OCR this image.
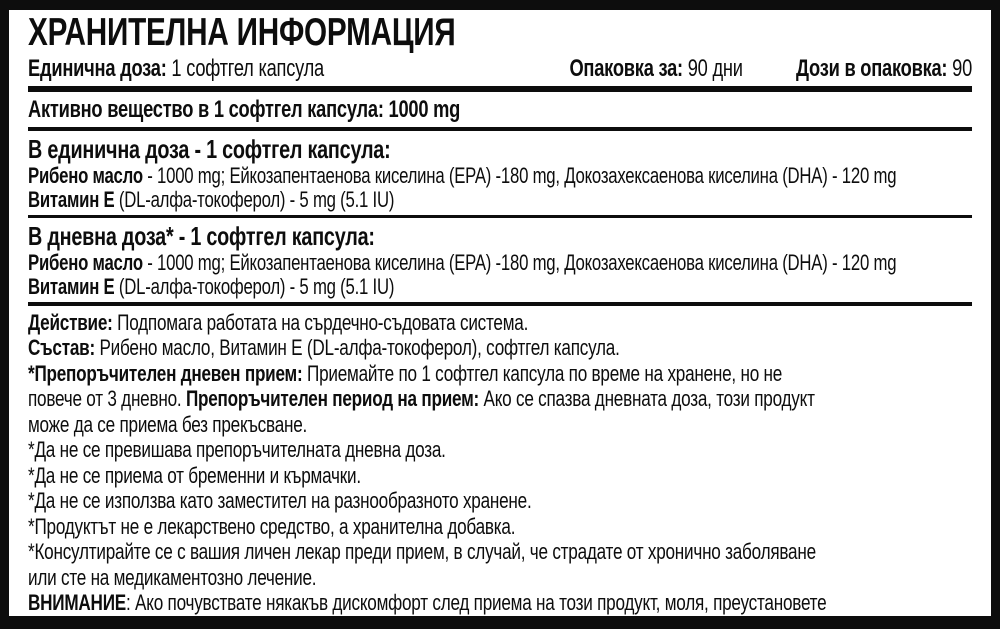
ХРАНИТЕЛНА ИНФОРМАЦИЯ
Единична доза: 1 софтгел капсула	Опаковка за: 90 дни Дози в опаковка: 90
Активно вещество в 1 софтгел капсула: 1000 mg
В единична доза - 1 софтгел капсула:
Рибено масло - 1000 mg; Ейкозапентаенова киселина (EPA) -180 mg, Докозахексаенова киселина (DHA) - 120 mg
Витамин Е (DL-алфа-токоферол) - 5 mg (5.1 IU)
В дневна доза* - 1 софтгел капсула:
Рибено масло - 1000 mg; Ейкозапентаенова киселина (EPA) -180 mg, Докозахексаенова киселина (DHA) - 120 mg
Витамин Е (DL-алфа-токоферол) - 5 mg (5.1 IU)
Действие: Подпомага работата на сърдечно-съдовата система.
Състав: Рибено масло, Витамин Е (DL-алфа-токоферол), софтгел капсула.
*Препоръчителен дневен прием: Приемайте по 1 софтгел капсула по време на хранене, но не
повече от 3 дневно. Препоръчителен период на прием: Ако се спазва дневната доза, този продукт
може да се приема без прекъсване.
*Да не се превишава препоръчителната дневна доза.
*Да не се приема от бременни и кърмачки.
*Да не се използва като заместител на разнообразното хранене.
*Продуктът не е лекарствено средство, а хранителна добавка.
*Консултирайте се с вашия личен лекар преди прием, в случай, че страдате от хронично заболяване
или сте на медикаментозно лечение.
ВНИМАНИЕ: Ако почувствате някакъв дискомфорт след приема на този продукт, моля, преустановете
приема. СЪХРАНЕНИЕ: При температура до 25°C на сухо и тъмно място. Съхранявайте далеч от деца.
